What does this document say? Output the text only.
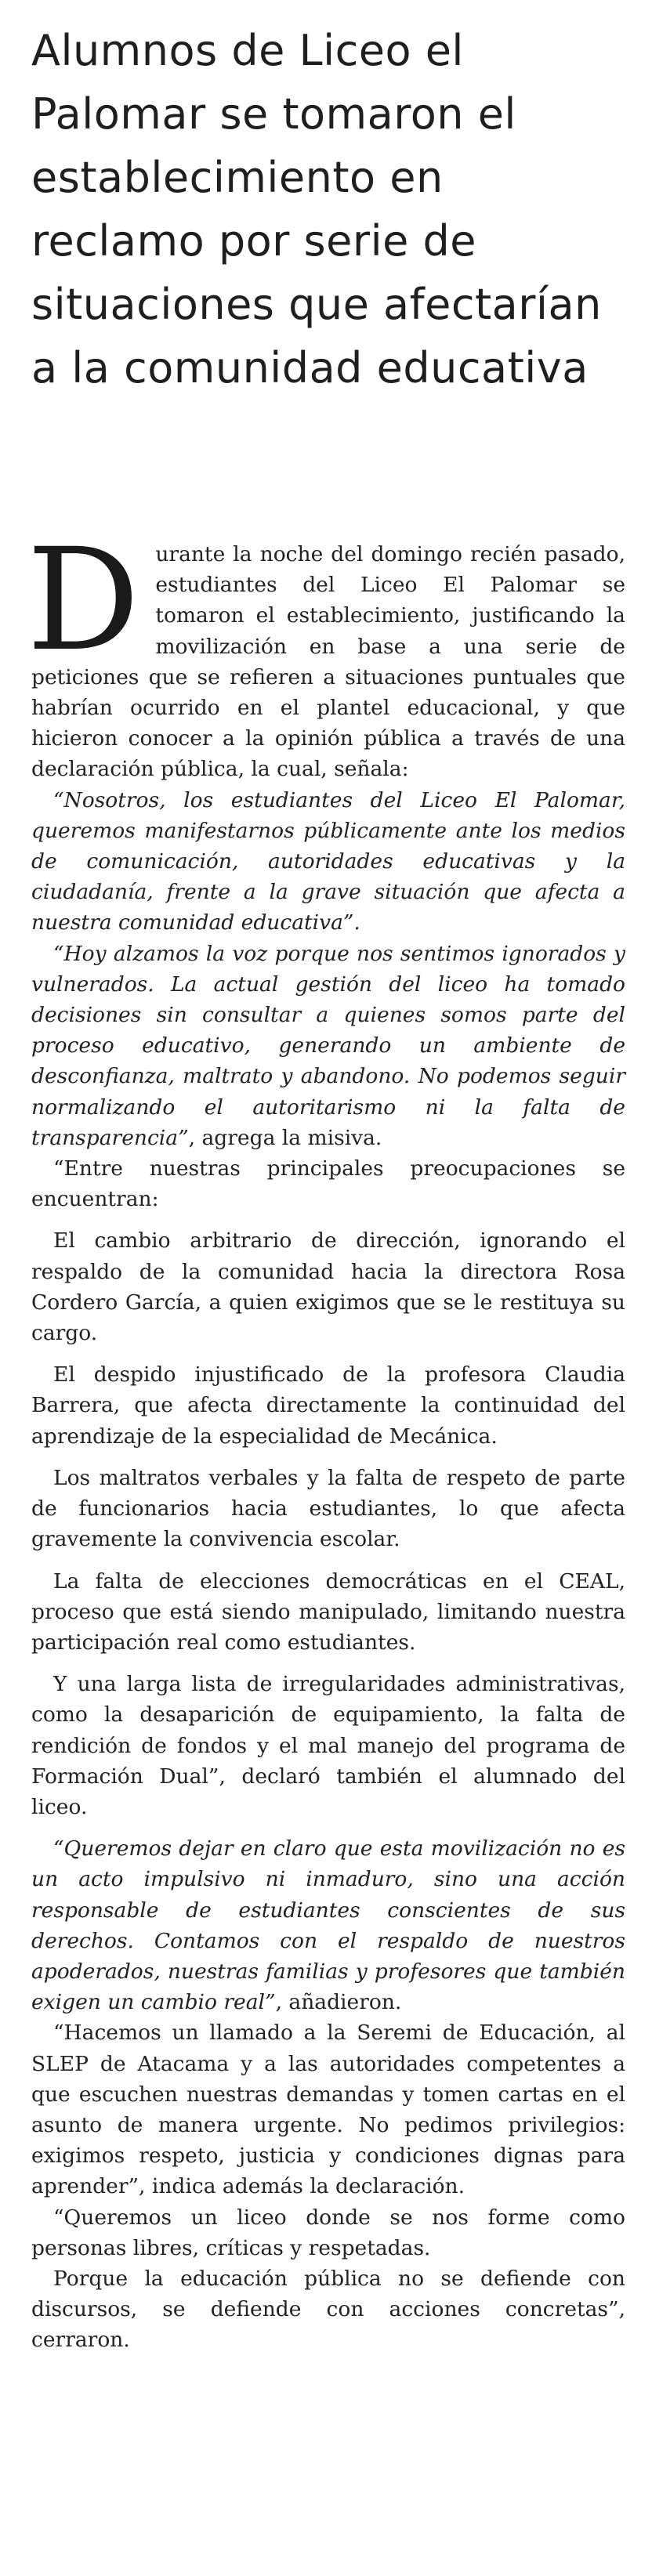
Alumnos de Liceo el Palomar se tomaron el establecimiento en reclamo por serie de situaciones que afectarían a la comunidad educativa

Durante la noche del domingo recién pasado, estudiantes del Liceo El Palomar se tomaron el establecimiento, justificando la movilización en base a una serie de peticiones que se refieren a situaciones puntuales que habrían ocurrido en el plantel educacional, y que hicieron conocer a la opinión pública a través de una declaración pública, la cual, señala:

“Nosotros, los estudiantes del Liceo El Palomar, queremos manifestarnos públicamente ante los medios de comunicación, autoridades educativas y la ciudadanía, frente a la grave situación que afecta a nuestra comunidad educativa”.

“Hoy alzamos la voz porque nos sentimos ignorados y vulnerados. La actual gestión del liceo ha tomado decisiones sin consultar a quienes somos parte del proceso educativo, generando un ambiente de desconfianza, maltrato y abandono. No podemos seguir normalizando el autoritarismo ni la falta de transparencia”, agrega la misiva.

“Entre nuestras principales preocupaciones se encuentran:

El cambio arbitrario de dirección, ignorando el respaldo de la comunidad hacia la directora Rosa Cordero García, a quien exigimos que se le restituya su cargo.

El despido injustificado de la profesora Claudia Barrera, que afecta directamente la continuidad del aprendizaje de la especialidad de Mecánica.

Los maltratos verbales y la falta de respeto de parte de funcionarios hacia estudiantes, lo que afecta gravemente la convivencia escolar.

La falta de elecciones democráticas en el CEAL, proceso que está siendo manipulado, limitando nuestra participación real como estudiantes.

Y una larga lista de irregularidades administrativas, como la desaparición de equipamiento, la falta de rendición de fondos y el mal manejo del programa de Formación Dual”, declaró también el alumnado del liceo.

“Queremos dejar en claro que esta movilización no es un acto impulsivo ni inmaduro, sino una acción responsable de estudiantes conscientes de sus derechos. Contamos con el respaldo de nuestros apoderados, nuestras familias y profesores que también exigen un cambio real”, añadieron.

“Hacemos un llamado a la Seremi de Educación, al SLEP de Atacama y a las autoridades competentes a que escuchen nuestras demandas y tomen cartas en el asunto de manera urgente. No pedimos privilegios: exigimos respeto, justicia y condiciones dignas para aprender”, indica además la declaración.

“Queremos un liceo donde se nos forme como personas libres, críticas y respetadas.

Porque la educación pública no se defiende con discursos, se defiende con acciones concretas”, cerraron.
